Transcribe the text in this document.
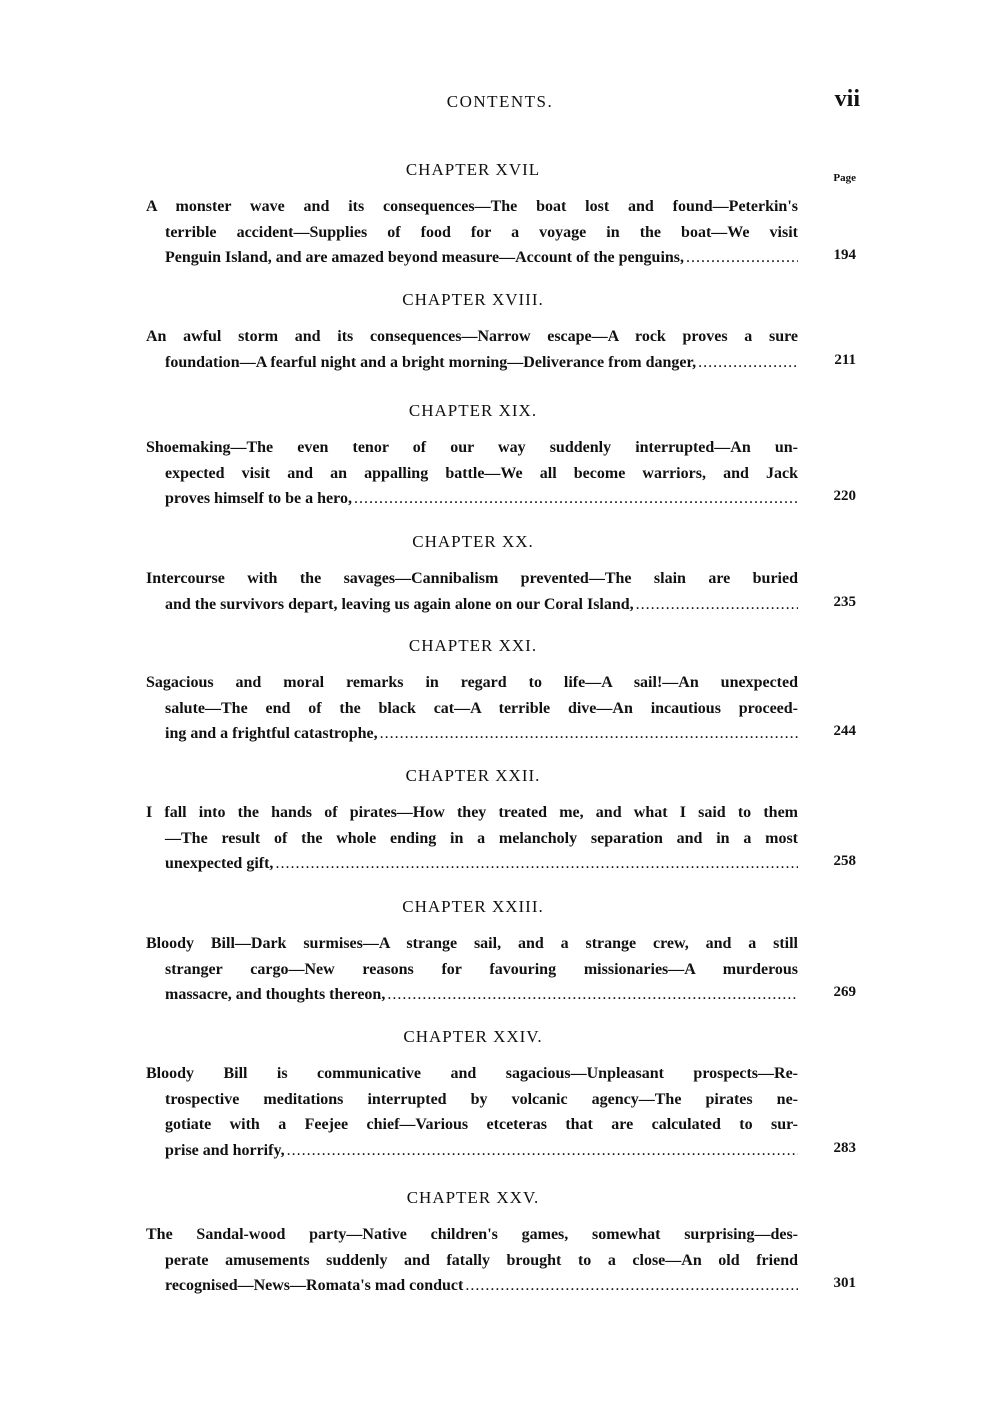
CONTENTS.	vii
Page
CHAPTER XVIL
A monster wave and its consequences—The boat lost and found—Peterkin's
terrible accident—Supplies of food for a voyage in the boat—We visit
Penguin Island, and are amazed beyond measure—Account of the penguins, .....	194
CHAPTER XVIII.
An awful storm and its consequences—Narrow escape—A rock proves a sure
foundation—A fearful night and a bright morning—Deliverance from danger, .....	211
CHAPTER XIX.
Shoemaking—The even tenor of our way suddenly interrupted—An un-
expected visit and an appalling battle—We all become warriors, and Jack
proves himself to be a hero, .....	220
CHAPTER XX.
Intercourse with the savages—Cannibalism prevented—The slain are buried
and the survivors depart, leaving us again alone on our Coral Island, .....	235
CHAPTER XXI.
Sagacious and moral remarks in regard to life—A sail!—An unexpected
salute—The end of the black cat—A terrible dive—An incautious proceed-
ing and a frightful catastrophe, .....	244
CHAPTER XXII.
I fall into the hands of pirates—How they treated me, and what I said to them
—The result of the whole ending in a melancholy separation and in a most
unexpected gift, .....	258
CHAPTER XXIII.
Bloody Bill—Dark surmises—A strange sail, and a strange crew, and a still
stranger cargo—New reasons for favouring missionaries—A murderous
massacre, and thoughts thereon, .....	269
CHAPTER XXIV.
Bloody Bill is communicative and sagacious—Unpleasant prospects—Re-
trospective meditations interrupted by volcanic agency—The pirates ne-
gotiate with a Feejee chief—Various etceteras that are calculated to sur-
prise and horrify, .....	283
CHAPTER XXV.
The Sandal-wood party—Native children's games, somewhat surprising—des-
perate amusements suddenly and fatally brought to a close—An old friend
recognised—News—Romata's mad conduct .....	301
